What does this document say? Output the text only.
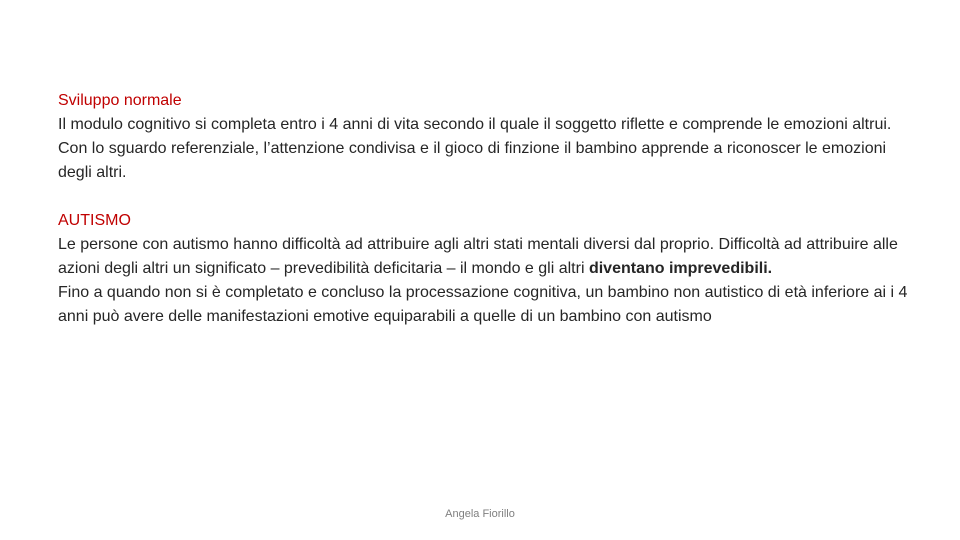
Sviluppo normale
Il modulo cognitivo si completa entro i 4 anni di vita secondo il quale il soggetto riflette e comprende le emozioni altrui.
Con lo sguardo referenziale, l’attenzione condivisa e il gioco di finzione il bambino apprende a riconoscer le emozioni degli altri.
AUTISMO
Le persone con autismo hanno difficoltà ad attribuire agli altri stati mentali diversi dal proprio. Difficoltà ad attribuire alle azioni degli altri un significato – prevedibilità deficitaria – il mondo e gli altri diventano imprevedibili.
Fino a quando non si è completato e concluso la processazione cognitiva, un bambino non autistico di età inferiore ai i 4 anni può avere delle manifestazioni emotive equiparabili a quelle di un bambino con autismo
Angela Fiorillo
